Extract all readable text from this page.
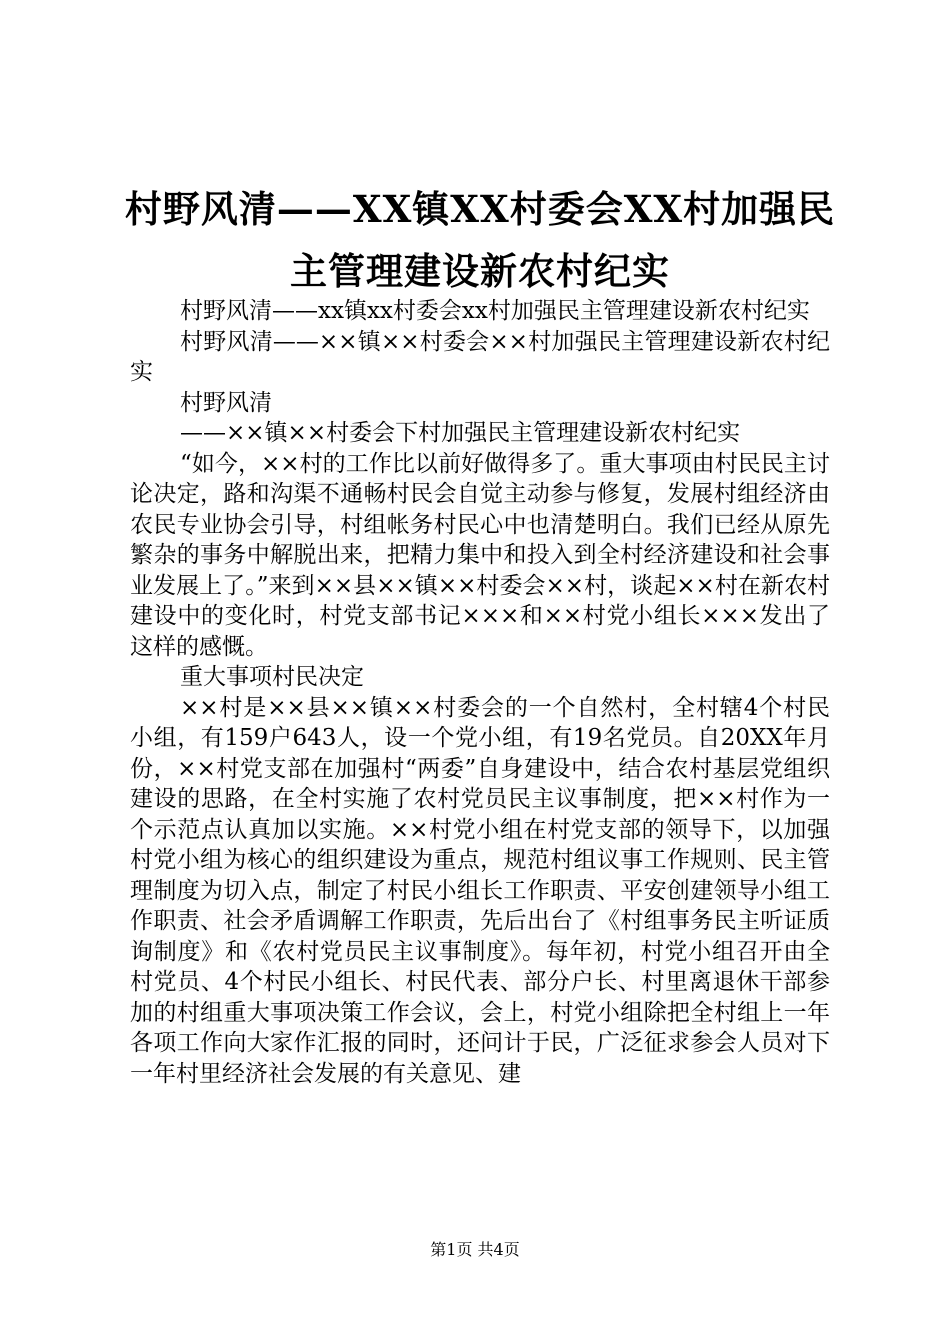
村野风清——XX镇XX村委会XX村加强民主管理建设新农村纪实

村野风清——xx镇xx村委会xx村加强民主管理建设新农村纪实

村野风清——××镇××村委会××村加强民主管理建设新农村纪实

村野风清

——××镇××村委会下村加强民主管理建设新农村纪实

“如今，××村的工作比以前好做得多了。重大事项由村民民主讨论决定，路和沟渠不通畅村民会自觉主动参与修复，发展村组经济由农民专业协会引导，村组帐务村民心中也清楚明白。我们已经从原先繁杂的事务中解脱出来，把精力集中和投入到全村经济建设和社会事业发展上了。”来到××县××镇××村委会××村，谈起××村在新农村建设中的变化时，村党支部书记×××和××村党小组长×××发出了这样的感慨。

重大事项村民决定

××村是××县××镇××村委会的一个自然村，全村辖4个村民小组，有159户643人，设一个党小组，有19名党员。自20XX年月份，××村党支部在加强村“两委”自身建设中，结合农村基层党组织建设的思路，在全村实施了农村党员民主议事制度，把××村作为一个示范点认真加以实施。××村党小组在村党支部的领导下，以加强村党小组为核心的组织建设为重点，规范村组议事工作规则、民主管理制度为切入点，制定了村民小组长工作职责、平安创建领导小组工作职责、社会矛盾调解工作职责，先后出台了《村组事务民主听证质询制度》和《农村党员民主议事制度》。每年初，村党小组召开由全村党员、4个村民小组长、村民代表、部分户长、村里离退休干部参加的村组重大事项决策工作会议，会上，村党小组除把全村组上一年各项工作向大家作汇报的同时，还问计于民，广泛征求参会人员对下一年村里经济社会发展的有关意见、建

第1页 共4页
